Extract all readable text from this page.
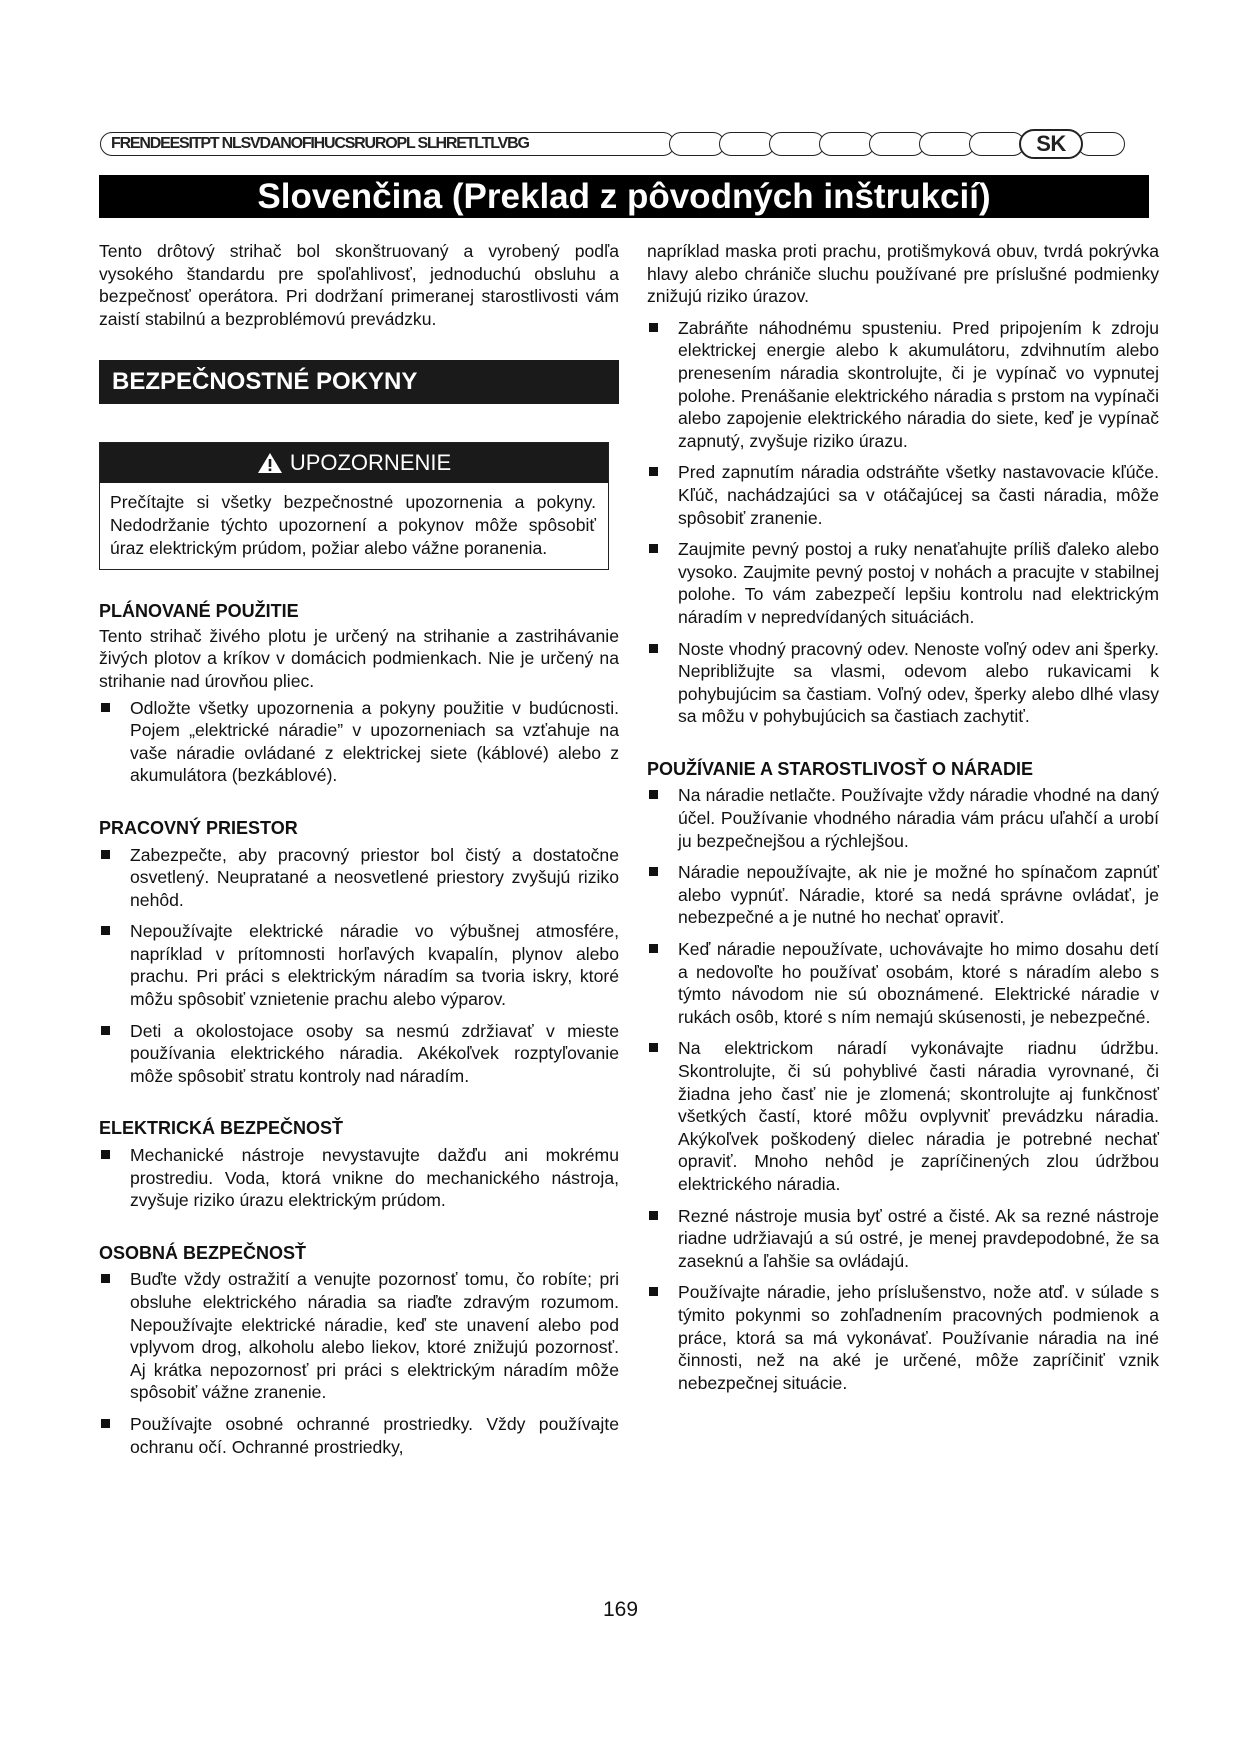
FRENDEESITPT NLSVDANOFIHUCSRUROPL SLHRETLTLVBG	SK
Slovenčina (Preklad z pôvodných inštrukcií)

Tento drôtový strihač bol skonštruovaný a vyrobený podľa vysokého štandardu pre spoľahlivosť, jednoduchú obsluhu a bezpečnosť operátora. Pri dodržaní primeranej starostlivosti vám zaistí stabilnú a bezproblémovú prevádzku.

BEZPEČNOSTNÉ POKYNY
UPOZORNENIE

Prečítajte si všetky bezpečnostné upozornenia a pokyny. Nedodržanie týchto upozornení a pokynov môže spôsobiť úraz elektrickým prúdom, požiar alebo vážne poranenia.

PLÁNOVANÉ POUŽITIE

Tento strihač živého plotu je určený na strihanie a zastrihávanie živých plotov a kríkov v domácich podmienkach. Nie je určený na strihanie nad úrovňou pliec.

Odložte všetky upozornenia a pokyny použitie v budúcnosti. Pojem „elektrické náradie” v upozorneniach sa vzťahuje na vaše náradie ovládané z elektrickej siete (káblové) alebo z akumulátora (bezkáblové).
PRACOVNÝ PRIESTOR
Zabezpečte, aby pracovný priestor bol čistý a dostatočne osvetlený. Neupratané a neosvetlené priestory zvyšujú riziko nehôd.
Nepoužívajte elektrické náradie vo výbušnej atmosfére, napríklad v prítomnosti horľavých kvapalín, plynov alebo prachu. Pri práci s elektrickým náradím sa tvoria iskry, ktoré môžu spôsobiť vznietenie prachu alebo výparov.
Deti a okolostojace osoby sa nesmú zdržiavať v mieste používania elektrického náradia. Akékoľvek rozptyľovanie môže spôsobiť stratu kontroly nad náradím.
ELEKTRICKÁ BEZPEČNOSŤ
Mechanické nástroje nevystavujte dažďu ani mokrému prostrediu. Voda, ktorá vnikne do mechanického nástroja, zvyšuje riziko úrazu elektrickým prúdom.
OSOBNÁ BEZPEČNOSŤ
Buďte vždy ostražití a venujte pozornosť tomu, čo robíte; pri obsluhe elektrického náradia sa riaďte zdravým rozumom. Nepoužívajte elektrické náradie, keď ste unavení alebo pod vplyvom drog, alkoholu alebo liekov, ktoré znižujú pozornosť. Aj krátka nepozornosť pri práci s elektrickým náradím môže spôsobiť vážne zranenie.
Používajte osobné ochranné prostriedky. Vždy používajte ochranu očí. Ochranné prostriedky,

napríklad maska proti prachu, protišmyková obuv, tvrdá pokrývka hlavy alebo chrániče sluchu používané pre príslušné podmienky znižujú riziko úrazov.

Zabráňte náhodnému spusteniu. Pred pripojením k zdroju elektrickej energie alebo k akumulátoru, zdvihnutím alebo prenesením náradia skontrolujte, či je vypínač vo vypnutej polohe. Prenášanie elektrického náradia s prstom na vypínači alebo zapojenie elektrického náradia do siete, keď je vypínač zapnutý, zvyšuje riziko úrazu.
Pred zapnutím náradia odstráňte všetky nastavovacie kľúče. Kľúč, nachádzajúci sa v otáčajúcej sa časti náradia, môže spôsobiť zranenie.
Zaujmite pevný postoj a ruky nenaťahujte príliš ďaleko alebo vysoko. Zaujmite pevný postoj v nohách a pracujte v stabilnej polohe. To vám zabezpečí lepšiu kontrolu nad elektrickým náradím v nepredvídaných situáciách.
Noste vhodný pracovný odev. Nenoste voľný odev ani šperky. Nepribližujte sa vlasmi, odevom alebo rukavicami k pohybujúcim sa častiam. Voľný odev, šperky alebo dlhé vlasy sa môžu v pohybujúcich sa častiach zachytiť.
POUŽÍVANIE A STAROSTLIVOSŤ O NÁRADIE
Na náradie netlačte. Používajte vždy náradie vhodné na daný účel. Používanie vhodného náradia vám prácu uľahčí a urobí ju bezpečnejšou a rýchlejšou.
Náradie nepoužívajte, ak nie je možné ho spínačom zapnúť alebo vypnúť. Náradie, ktoré sa nedá správne ovládať, je nebezpečné a je nutné ho nechať opraviť.
Keď náradie nepoužívate, uchovávajte ho mimo dosahu detí a nedovoľte ho používať osobám, ktoré s náradím alebo s týmto návodom nie sú oboznámené. Elektrické náradie v rukách osôb, ktoré s ním nemajú skúsenosti, je nebezpečné.
Na elektrickom náradí vykonávajte riadnu údržbu. Skontrolujte, či sú pohyblivé časti náradia vyrovnané, či žiadna jeho časť nie je zlomená; skontrolujte aj funkčnosť všetkých častí, ktoré môžu ovplyvniť prevádzku náradia. Akýkoľvek poškodený dielec náradia je potrebné nechať opraviť. Mnoho nehôd je zapríčinených zlou údržbou elektrického náradia.
Rezné nástroje musia byť ostré a čisté. Ak sa rezné nástroje riadne udržiavajú a sú ostré, je menej pravdepodobné, že sa zaseknú a ľahšie sa ovládajú.
Používajte náradie, jeho príslušenstvo, nože atď. v súlade s týmito pokynmi so zohľadnením pracovných podmienok a práce, ktorá sa má vykonávať. Používanie náradia na iné činnosti, než na aké je určené, môže zapríčiniť vznik nebezpečnej situácie.
169
